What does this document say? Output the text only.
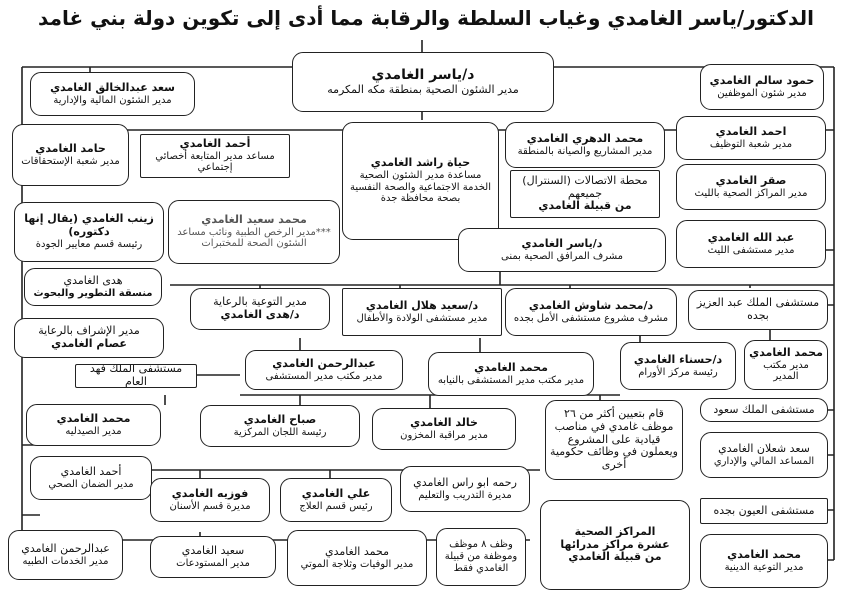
الدكتور/ياسر الغامدي وغياب السلطة والرقابة مما أدى إلى تكوين دولة بني غامد
سعد عبدالخالق الغامدي
مدير الشئون المالية والإدارية
د/ياسر الغامدي
مدير الشئون الصحية بمنطقة مكه المكرمه
حمود سالم الغامدي
مدير شئون الموظفين
حامد الغامدي
مدير شعبة الإستحقاقات
أحمد الغامدي
مساعد مدير المتابعة أخصائي إجتماعي	حياة راشد الغامدي
مساعدة مدير الشئون الصحية الخدمة الاجتماعية والصحة النفسية بصحة محافظة جدة
محمد الدهري الغامدي
مدير المشاريع والصيانة بالمنطقة
احمد الغامدي
مدير شعبة التوظيف
محطة الاتصالات (السنترال) جميعهم
من قبيلة الغامدي
صقر الغامدي
مدير المراكز الصحية بالليث
زينب الغامدي (يقال إنها دكتوره)
رئيسة قسم معايير الجودة
محمد سعيد الغامدي
***مدير الرخص الطبية ونائب مساعد الشئون الصحة للمختبرات	د/ياسر الغامدي
مشرف المرافق الصحية بمنى
عبد الله الغامدي
مدير مستشفى الليث
هدى الغامدي
منسقة التطوير والبحوث
مدير التوعية بالرعاية
د/هدى الغامدي
د/سعيد هلال الغامدي
مدير مستشفى الولادة والأطفال
د/محمد شاوش الغامدي
مشرف مشروع مستشفى الأمل بجده
مستشفى الملك عبد العزيز
بجده
مدير الإشراف بالرعاية
عصام الغامدي
عبدالرحمن الغامدي
مدير مكتب مدير المستشفى
محمد الغامدي
مدير مكتب مدير المستشفى بالنيابه
د/حسناء الغامدي
رئيسة مركز الأورام
محمد الغامدي
مدير مكتب المدير
مستشفى الملك فهد العام
محمد الغامدي
مدير الصيدليه
صباح الغامدي
رئيسة اللجان المركزية
خالد الغامدي
مدير مراقبة المخزون
قام بتعيين أكثر من ٢٦ موظف غامدي في مناصب قيادية على المشروع ويعملون في وظائف حكومية أخرى
مستشفى الملك سعود
سعد شعلان الغامدي
المساعد المالي والإداري
أحمد الغامدي
مدير الضمان الصحي
فوزيه الغامدي
مديرة قسم الأسنان
علي الغامدي
رئيس قسم العلاج
رحمه ابو راس الغامدي
مديرة التدريب والتعليم
مستشفى العيون بجده
عبدالرحمن الغامدي
مدير الخدمات الطبيه
سعيد الغامدي
مدير المستودعات
محمد الغامدي
مدير الوفيات وثلاجة الموتي
وظف ٨ موظف وموظفة من قبيلة الغامدي فقط
المراكز الصحية
عشرة مراكز مدرائها
من قبيلة الغامدي	محمد الغامدي
مدير التوعية الدينية
